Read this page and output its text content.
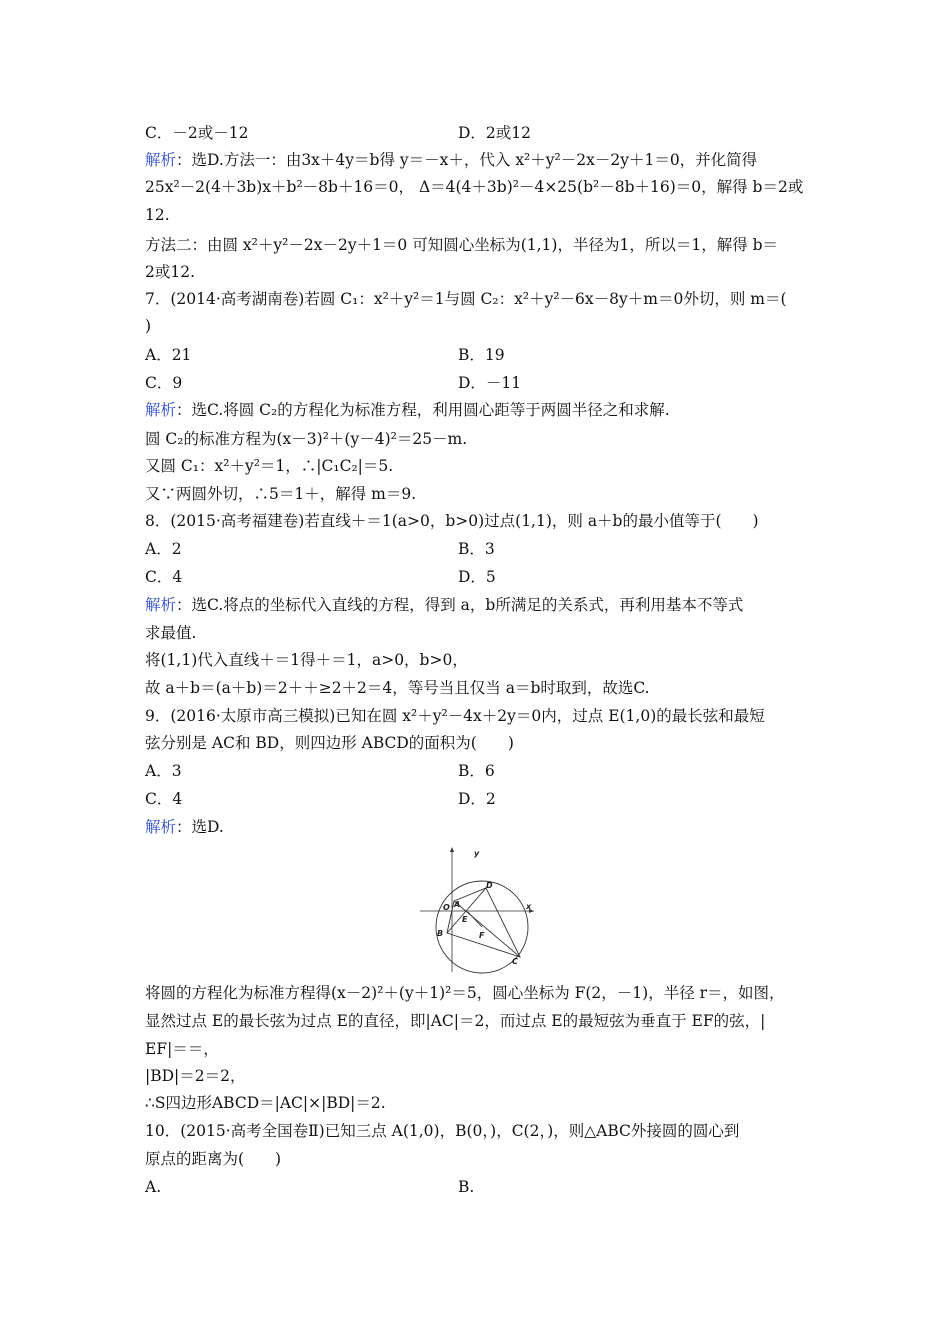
C．－2或－12	D．2或12
解析：选D.方法一：由3x＋4y＝b得 y＝－x＋，代入 x²＋y²－2x－2y＋1＝0，并化简得
25x²－2(4＋3b)x＋b²－8b＋16＝0， Δ＝4(4＋3b)²－4×25(b²－8b＋16)＝0，解得 b＝2或
12.
方法二：由圆 x²＋y²－2x－2y＋1＝0 可知圆心坐标为(1,1)，半径为1，所以＝1，解得 b＝
2或12.
7．(2014·高考湖南卷)若圆 C₁：x²＋y²＝1与圆 C₂：x²＋y²－6x－8y＋m＝0外切，则 m＝(
)
A．21	B．19
C．9	D．－11
解析：选C.将圆 C₂的方程化为标准方程，利用圆心距等于两圆半径之和求解.
圆 C₂的标准方程为(x－3)²＋(y－4)²＝25－m.
又圆 C₁：x²＋y²＝1，∴|C₁C₂|＝5.
又∵两圆外切，∴5＝1＋，解得 m＝9.
8．(2015·高考福建卷)若直线＋＝1(a>0，b>0)过点(1,1)，则 a＋b的最小值等于(　　)
A．2	B．3
C．4	D．5
解析：选C.将点的坐标代入直线的方程，得到 a，b所满足的关系式，再利用基本不等式
求最值.
将(1,1)代入直线＋＝1得＋＝1，a>0，b>0，
故 a＋b＝(a＋b)＝2＋＋≥2＋2＝4，等号当且仅当 a＝b时取到，故选C.
9．(2016·太原市高三模拟)已知在圆 x²＋y²－4x＋2y＝0内，过点 E(1,0)的最长弦和最短
弦分别是 AC和 BD，则四边形 ABCD的面积为(　　)
A．3	B．6
C．4	D．2
解析：选D.
y
x
O A
D
B
E
F
C
将圆的方程化为标准方程得(x－2)²＋(y＋1)²＝5，圆心坐标为 F(2，－1)，半径 r＝，如图，
显然过点 E的最长弦为过点 E的直径，即|AC|＝2，而过点 E的最短弦为垂直于 EF的弦，|
EF|＝＝，
|BD|＝2＝2，
∴S四边形ABCD＝|AC|×|BD|＝2.
10．(2015·高考全国卷Ⅱ)已知三点 A(1,0)，B(0，)，C(2，)，则△ABC外接圆的圆心到
原点的距离为(　　)
A.	B.
